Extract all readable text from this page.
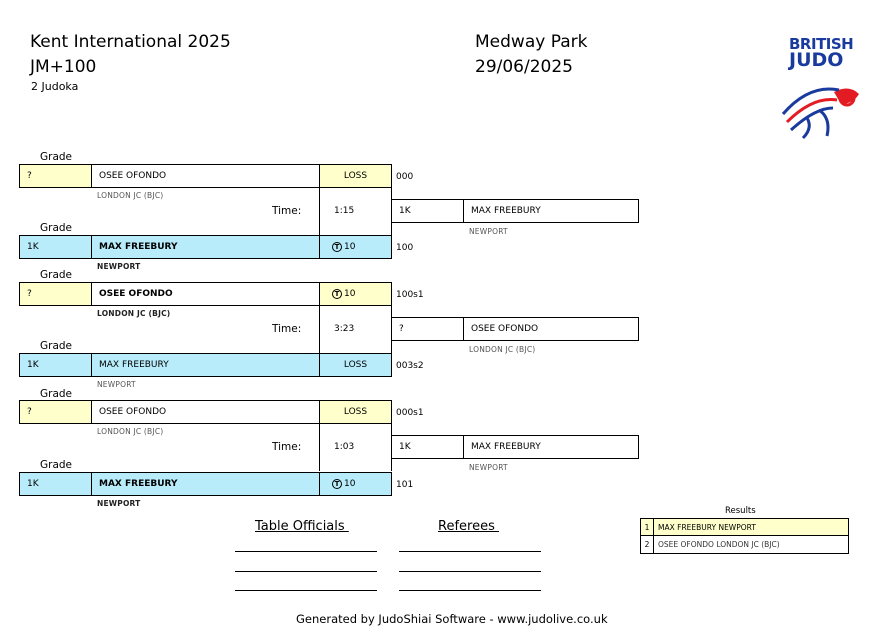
Kent International 2025
JM+100
2 Judoka
Medway Park
29/06/2025
BRITISH
JUDO
Grade
?	OSEE OFONDO	LOSS	000
LONDON JC (BJC)
Time:	1:15	1K	MAX FREEBURY
NEWPORT
Grade
1K	MAX FREEBURY	T 10	100
NEWPORT
Grade
?	OSEE OFONDO	T 10	100s1
LONDON JC (BJC)
Time:	3:23	?	OSEE OFONDO
LONDON JC (BJC)
Grade
1K	MAX FREEBURY	LOSS	003s2
NEWPORT
Grade
?	OSEE OFONDO	LOSS	000s1
LONDON JC (BJC)
Time:	1:03	1K	MAX FREEBURY
NEWPORT
Grade
1K	MAX FREEBURY	T 10	101
NEWPORT
Table Officials	Referees
Results
1	MAX FREEBURY NEWPORT
2	OSEE OFONDO LONDON JC (BJC)
Generated by JudoShiai Software - www.judolive.co.uk
